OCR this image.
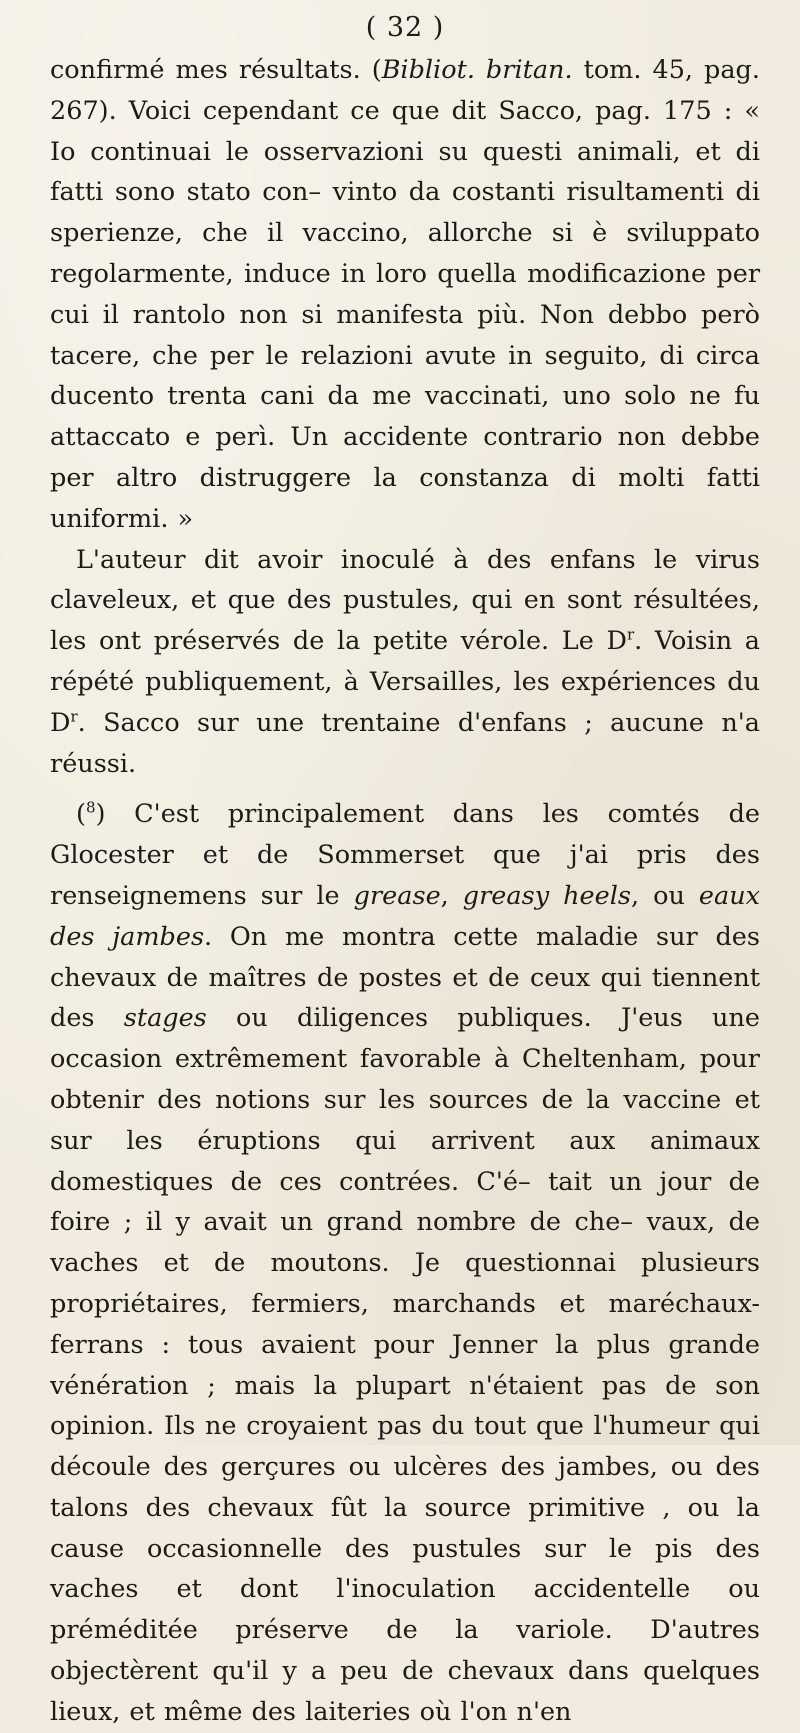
( 32 )

confirmé mes résultats. (Bibliot. britan. tom. 45, pag. 267). Voici cependant ce que dit Sacco, pag. 175 : « Io continuai le osservazioni su questi animali, et di fatti sono stato con– vinto da costanti risultamenti di sperienze, che il vaccino, allorche si è sviluppato regolarmente, induce in loro quella modificazione per cui il rantolo non si manifesta più. Non debbo però tacere, che per le relazioni avute in seguito, di circa ducento trenta cani da me vaccinati, uno solo ne fu attaccato e perì. Un accidente contrario non debbe per altro distruggere la constanza di molti fatti uniformi. »

L'auteur dit avoir inoculé à des enfans le virus claveleux, et que des pustules, qui en sont résultées, les ont préservés de la petite vérole. Le $D^r$. Voisin a répété publiquement, à Versailles, les expériences du $D^r$. Sacco sur une trentaine d'enfans ; aucune n'a réussi.

($^8$) C'est principalement dans les comtés de Glocester et de Sommerset que j'ai pris des renseignemens sur le grease, greasy heels, ou eaux des jambes. On me montra cette maladie sur des chevaux de maîtres de postes et de ceux qui tiennent des stages ou diligences publiques. J'eus une occasion extrêmement favorable à Cheltenham, pour obtenir des notions sur les sources de la vaccine et sur les éruptions qui arrivent aux animaux domestiques de ces contrées. C'é– tait un jour de foire ; il y avait un grand nombre de che– vaux, de vaches et de moutons. Je questionnai plusieurs propriétaires, fermiers, marchands et maréchaux-ferrans : tous avaient pour Jenner la plus grande vénération ; mais la plupart n'étaient pas de son opinion. Ils ne croyaient pas du tout que l'humeur qui découle des gerçures ou ulcères des jambes, ou des talons des chevaux fût la source primitive , ou la cause occasionnelle des pustules sur le pis des vaches et dont l'inoculation accidentelle ou préméditée préserve de la variole. D'autres objectèrent qu'il y a peu de chevaux dans quelques lieux, et même des laiteries où l'on n'en
